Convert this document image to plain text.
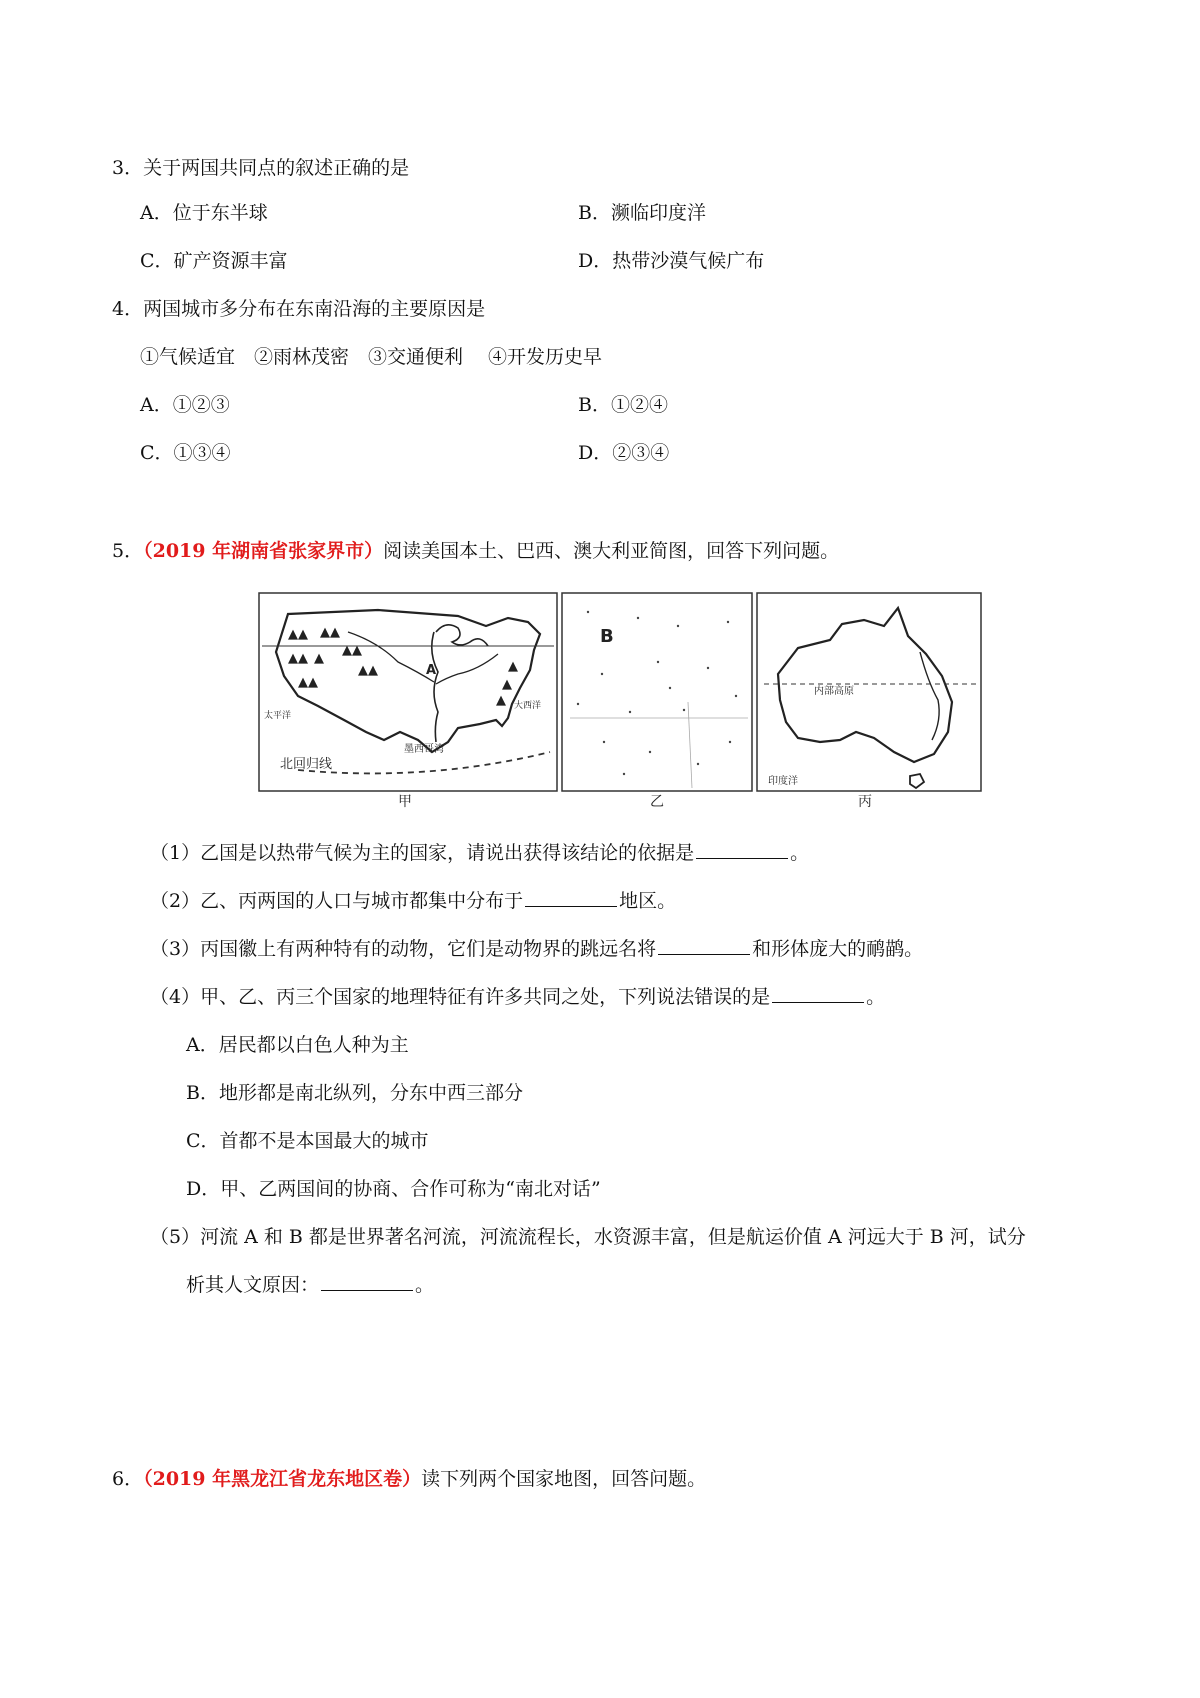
3．关于两国共同点的叙述正确的是
A．位于东半球	B．濒临印度洋
C．矿产资源丰富	D．热带沙漠气候广布
4．两国城市多分布在东南沿海的主要原因是
①气候适宜　②雨林茂密　③交通便利　 ④开发历史早
A．①②③	B．①②④
C．①③④	D．②③④
5．（2019 年湖南省张家界市）阅读美国本土、巴西、澳大利亚简图，回答下列问题。
▲▲
▲▲
▲▲
▲▲
▲
▲▲
▲▲	▲
▲
▲
北回归线
墨西哥湾
太平洋
大西洋
A
B
内部高原
印度洋
甲	乙	丙
（1）乙国是以热带气候为主的国家，请说出获得该结论的依据是	。
（2）乙、丙两国的人口与城市都集中分布于	地区。
（3）丙国徽上有两种特有的动物，它们是动物界的跳远名将	和形体庞大的鸸鹋。
（4）甲、乙、丙三个国家的地理特征有许多共同之处，下列说法错误的是	。
A．居民都以白色人种为主
B．地形都是南北纵列，分东中西三部分
C．首都不是本国最大的城市
D．甲、乙两国间的协商、合作可称为“南北对话”
（5）河流 A 和 B 都是世界著名河流，河流流程长，水资源丰富，但是航运价值 A 河远大于 B 河，试分
析其人文原因：	。
6．（2019 年黑龙江省龙东地区卷）读下列两个国家地图，回答问题。
